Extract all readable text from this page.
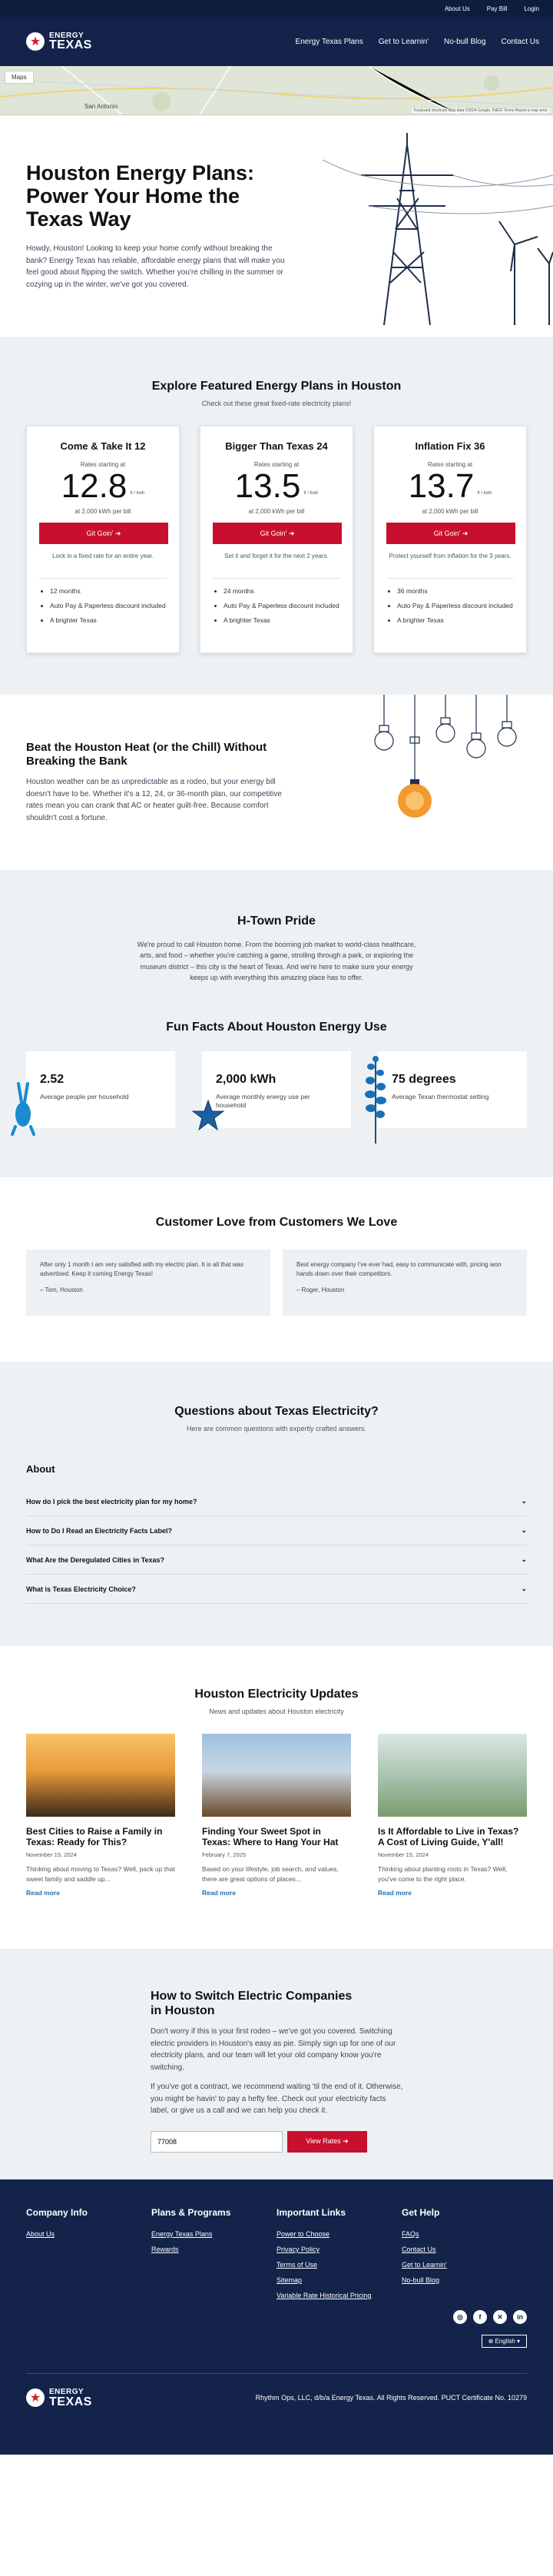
About Us	Pay Bill	Login
★	ENERGY
TEXAS	Energy Texas Plans Get to Learnin' No-bull Blog Contact Us
Maps
San Antonio
Keyboard shortcuts Map data ©2024 Google, INEGI Terms Report a map error
Houston Energy Plans: Power Your Home the Texas Way

Howdy, Houston! Looking to keep your home comfy without breaking the bank? Energy Texas has reliable, affordable energy plans that will make you feel good about flipping the switch. Whether you're chilling in the summer or cozying up in the winter, we've got you covered.

Explore Featured Energy Plans in Houston
Check out these great fixed-rate electricity plans!
Come & Take It 12
Rates starting at
12.8 ¢ / kwh
at 2,000 kWh per bill
Git Goin' ➜
Lock in a fixed rate for an entire year.
• 12 months
• Auto Pay & Paperless discount included
• A brighter Texas
Bigger Than Texas 24
Rates starting at
13.5 ¢ / kwh
at 2,000 kWh per bill
Git Goin' ➜
Set it and forget it for the next 2 years.
• 24 months
• Auto Pay & Paperless discount included
• A brighter Texas
Inflation Fix 36
Rates starting at
13.7 ¢ / kwh
at 2,000 kWh per bill
Git Goin' ➜
Protect yourself from inflation for the 3 years.
• 36 months
• Auto Pay & Paperless discount included
• A brighter Texas
Beat the Houston Heat (or the Chill) Without Breaking the Bank

Houston weather can be as unpredictable as a rodeo, but your energy bill doesn't have to be. Whether it's a 12, 24, or 36-month plan, our competitive rates mean you can crank that AC or heater guilt-free. Because comfort shouldn't cost a fortune.

H-Town Pride

We're proud to call Houston home. From the booming job market to world-class healthcare, arts, and food – whether you're catching a game, strolling through a park, or exploring the museum district – this city is the heart of Texas. And we're here to make sure your energy keeps up with everything this amazing place has to offer.

Fun Facts About Houston Energy Use
2.52
Average people per household
2,000 kWh
Average monthly energy use per household
75 degrees
Average Texan thermostat setting
Customer Love from Customers We Love
After only 1 month I am very satisfied with my electric plan. It is all that was advertised. Keep it coming Energy Texas!
– Tom, Houston
Best energy company I've ever had, easy to communicate with, pricing won hands down over their competitors.
– Roger, Houston
Questions about Texas Electricity?
Here are common questions with expertly crafted answers.
About
How do I pick the best electricity plan for my home?	⌄
How to Do I Read an Electricity Facts Label?	⌄
What Are the Deregulated Cities in Texas?	⌄
What is Texas Electricity Choice?	⌄
Houston Electricity Updates
News and updates about Houston electricity
Best Cities to Raise a Family in Texas: Ready for This?
November 15, 2024
Thinking about moving to Texas? Well, pack up that sweet family and saddle up...
Read more
Finding Your Sweet Spot in Texas: Where to Hang Your Hat
February 7, 2025
Based on your lifestyle, job search, and values, there are great options of places...
Read more
Is It Affordable to Live in Texas? A Cost of Living Guide, Y'all!
November 15, 2024
Thinking about planting roots in Texas? Well, you've come to the right place.
Read more
How to Switch Electric Companies in Houston

Don't worry if this is your first rodeo – we've got you covered. Switching electric providers in Houston's easy as pie. Simply sign up for one of our electricity plans, and our team will let your old company know you're switching.

If you've got a contract, we recommend waiting 'til the end of it. Otherwise, you might be havin' to pay a hefty fee. Check out your electricity facts label, or give us a call and we can help you check it.

77008
View Rates ➜
Company Info
About Us
Plans & Programs
Energy Texas Plans
Rewards
Important Links
Power to Choose
Privacy Policy
Terms of Use
Sitemap
Variable Rate Historical Pricing
Get Help
FAQs
Contact Us
Get to Learnin'
No-bull Blog
◎	f	✕	in
⊕ English ▾
★	ENERGY
TEXAS	Rhythm Ops, LLC, d/b/a Energy Texas. All Rights Reserved. PUCT Certificate No. 10279
